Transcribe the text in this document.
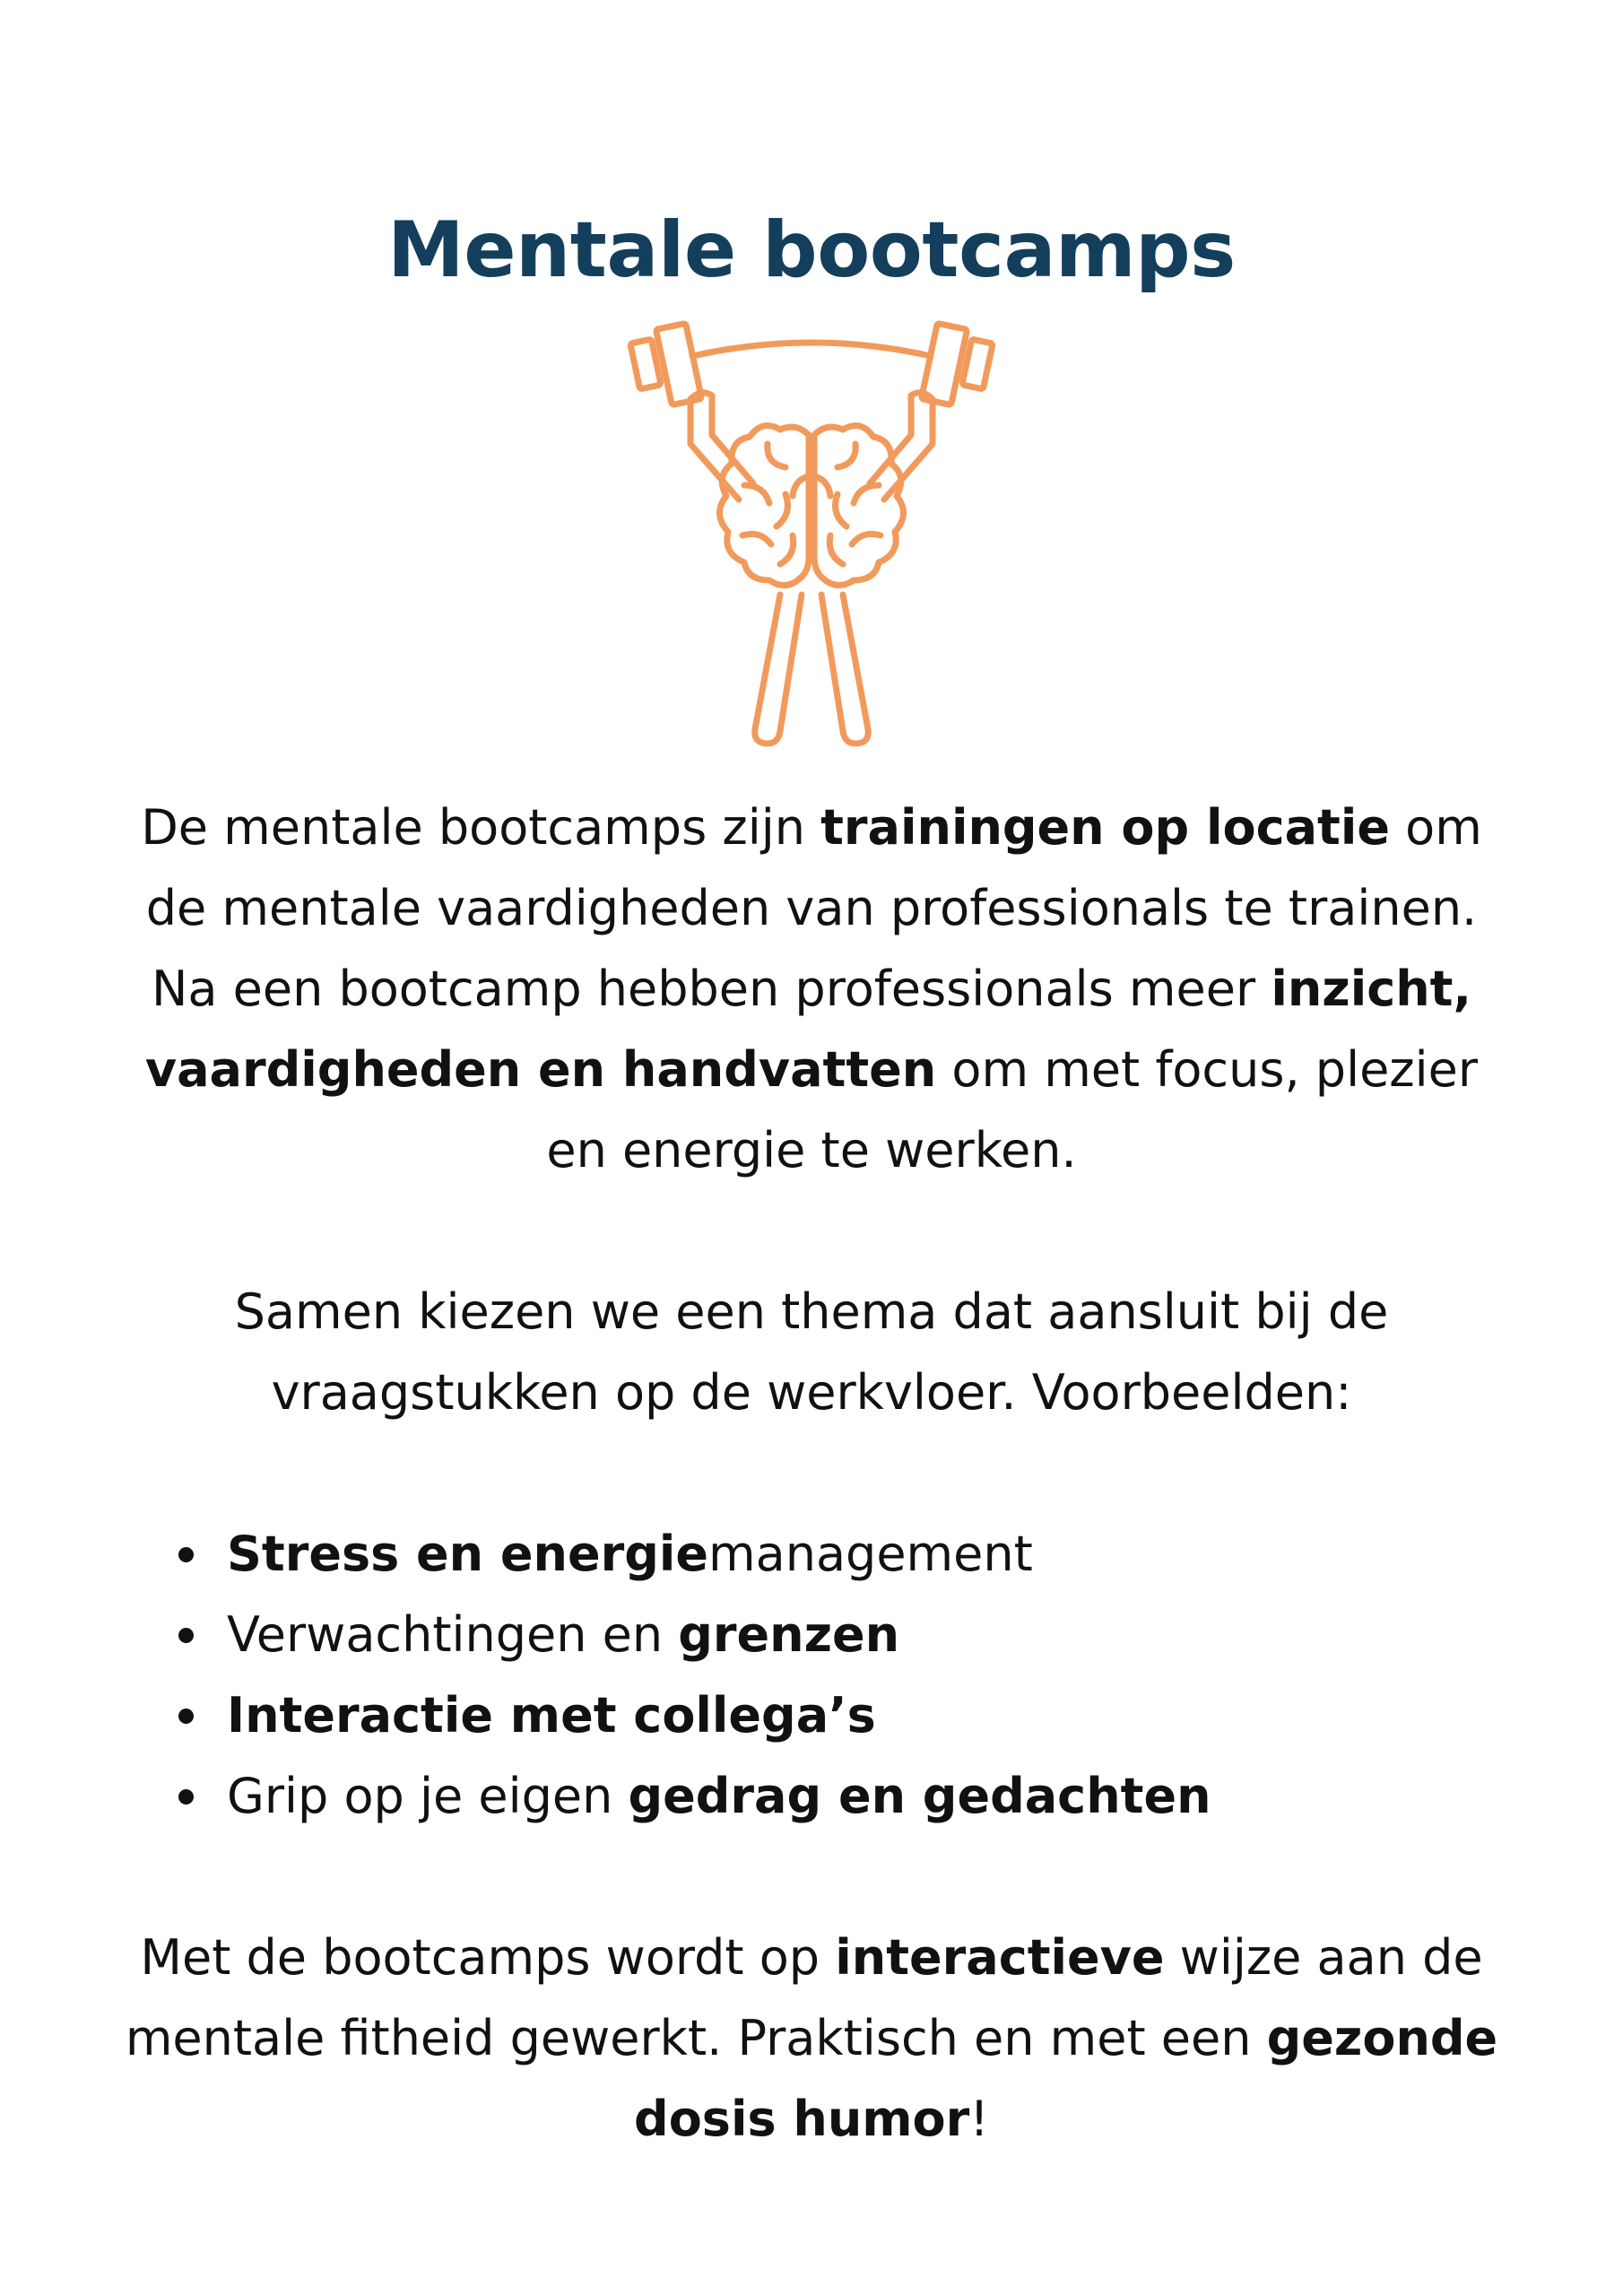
Mentale bootcamps

De mentale bootcamps zijn trainingen op locatie om de mentale vaardigheden van professionals te trainen. Na een bootcamp hebben professionals meer inzicht, vaardigheden en handvatten om met focus, plezier en energie te werken.

Samen kiezen we een thema dat aansluit bij de vraagstukken op de werkvloer. Voorbeelden:

Stress en energiemanagement
Verwachtingen en grenzen
Interactie met collega’s
Grip op je eigen gedrag en gedachten

Met de bootcamps wordt op interactieve wijze aan de mentale fitheid gewerkt. Praktisch en met een gezonde dosis humor!
